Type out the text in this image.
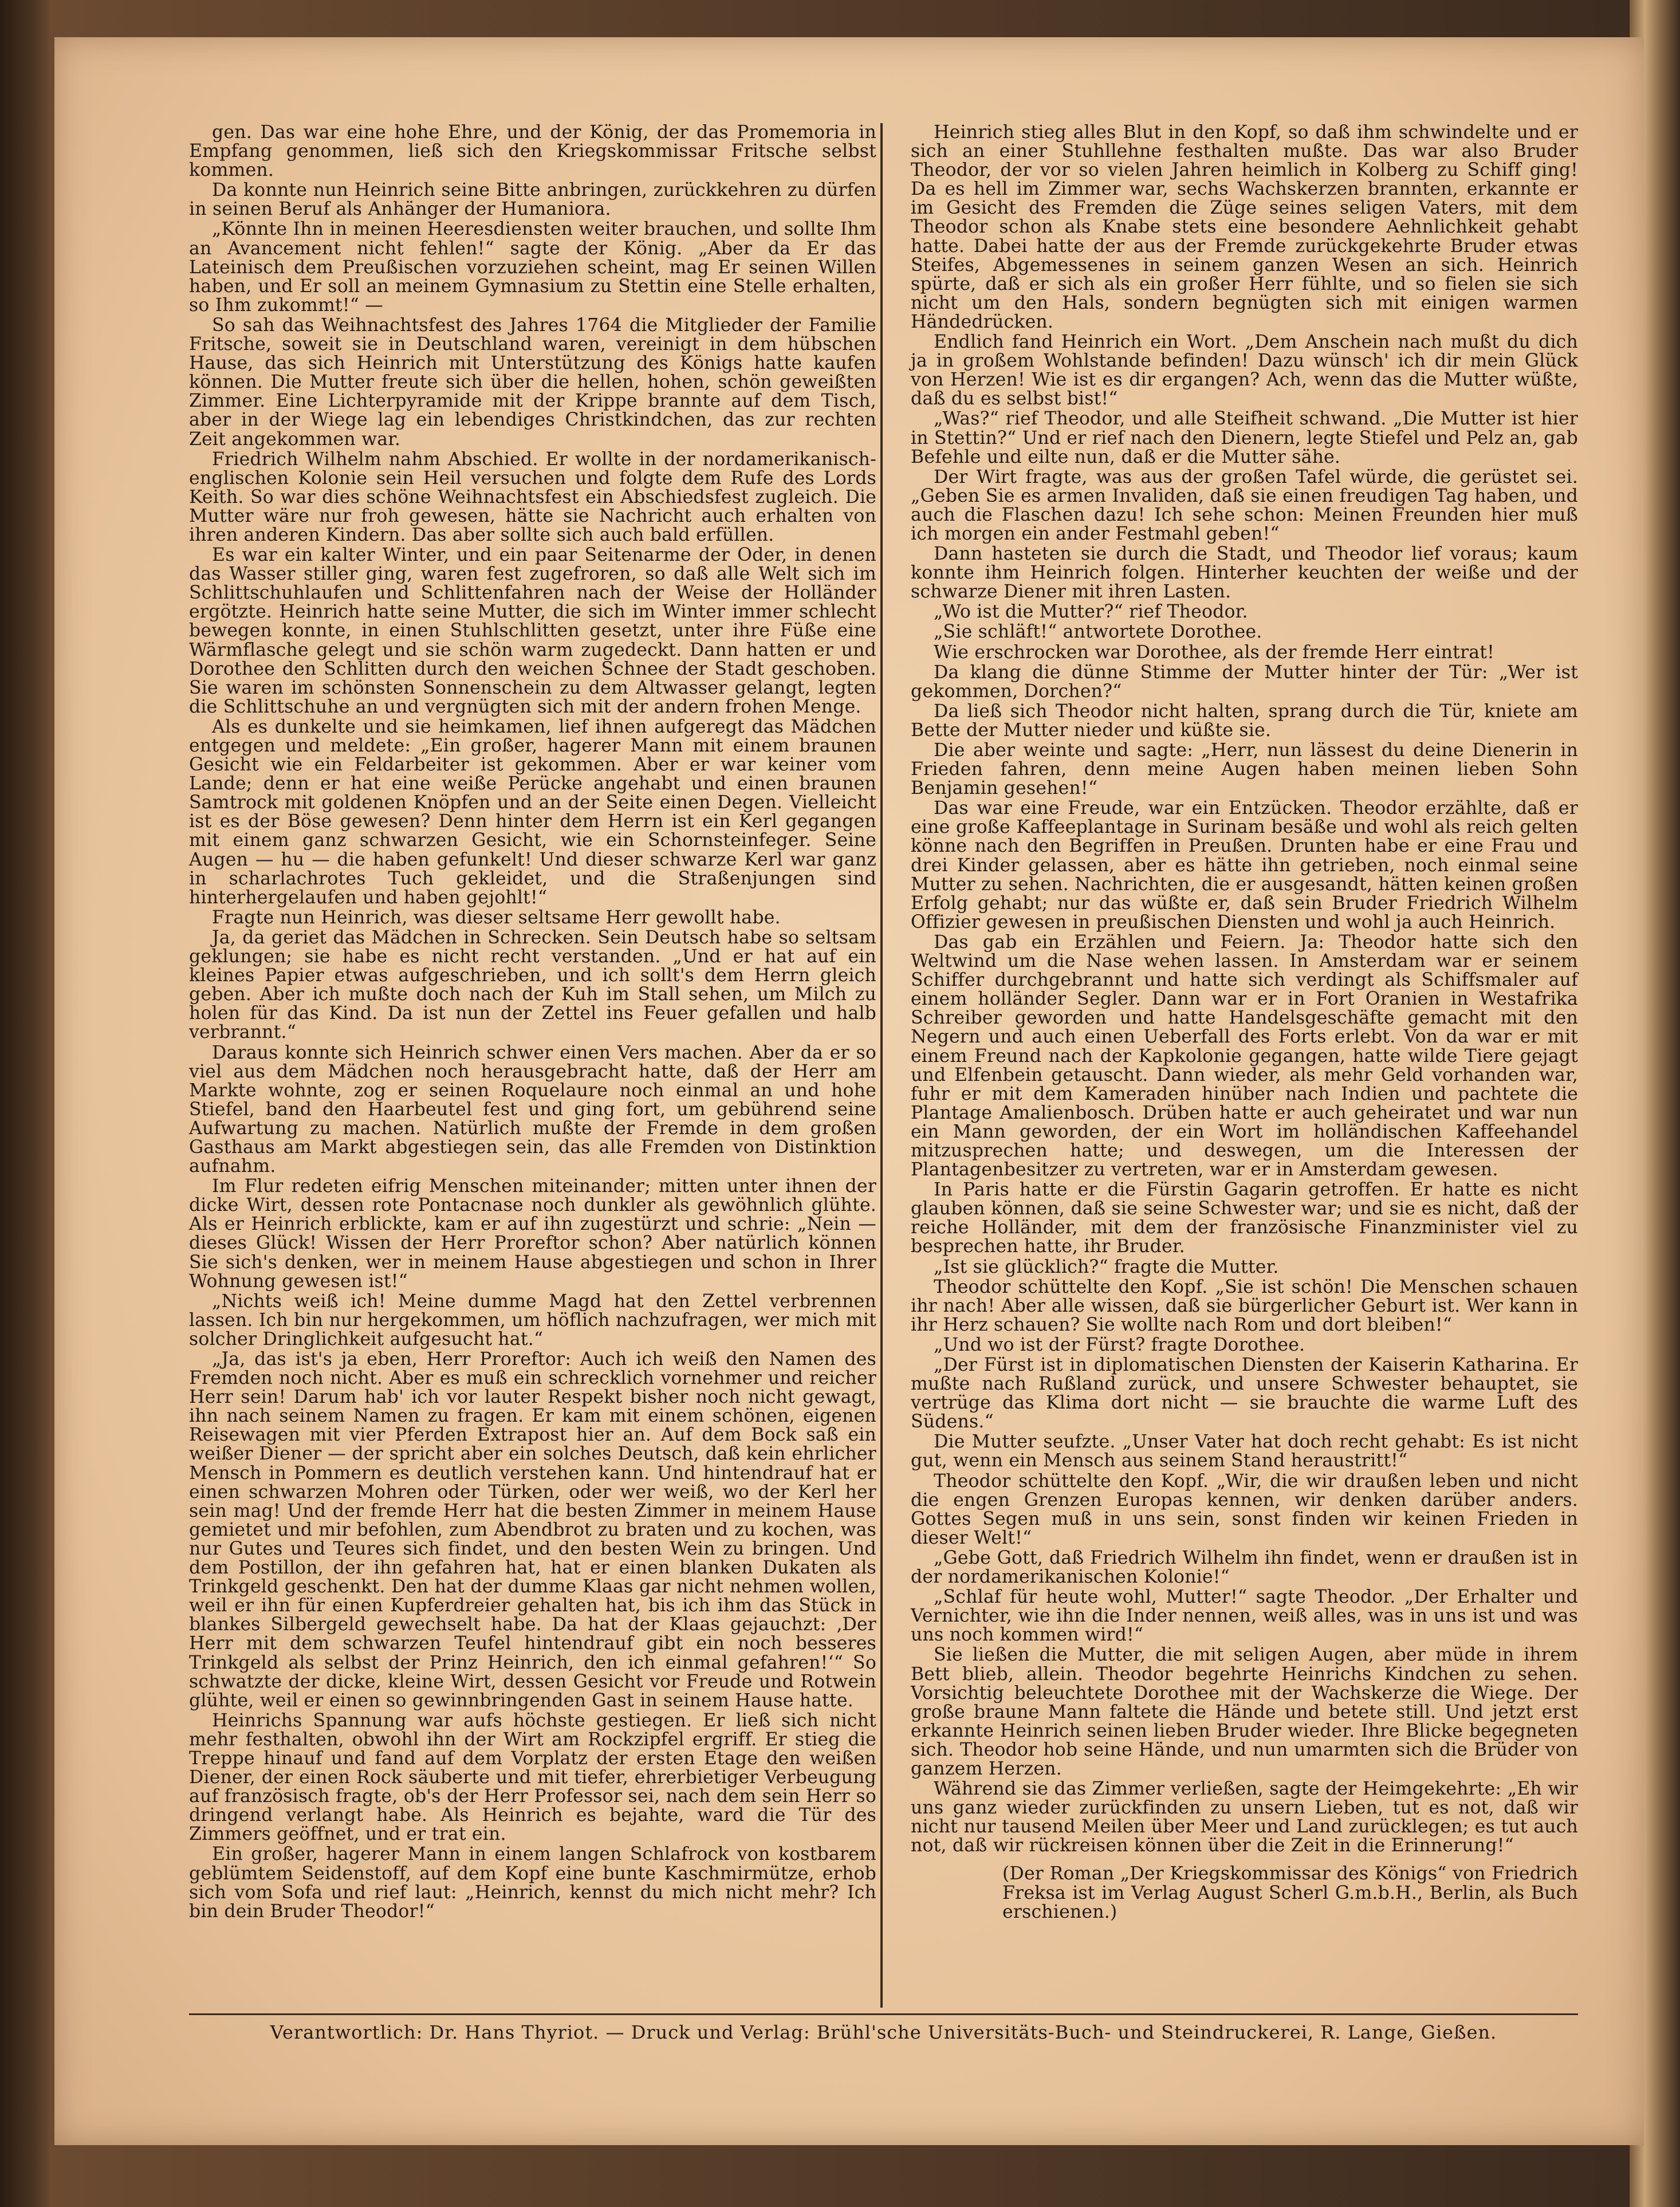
gen. Das war eine hohe Ehre, und der König, der das Promemoria in Empfang genommen, ließ sich den Kriegskommissar Fritsche selbst kommen.

Da konnte nun Heinrich seine Bitte anbringen, zurückkehren zu dürfen in seinen Beruf als Anhänger der Humaniora.

„Könnte Ihn in meinen Heeresdiensten weiter brauchen, und sollte Ihm an Avancement nicht fehlen!“ sagte der König. „Aber da Er das Lateinisch dem Preußischen vorzuziehen scheint, mag Er seinen Willen haben, und Er soll an meinem Gymnasium zu Stettin eine Stelle erhalten, so Ihm zukommt!“ —

So sah das Weihnachtsfest des Jahres 1764 die Mitglieder der Familie Fritsche, soweit sie in Deutschland waren, vereinigt in dem hübschen Hause, das sich Heinrich mit Unterstützung des Königs hatte kaufen können. Die Mutter freute sich über die hellen, hohen, schön geweißten Zimmer. Eine Lichterpyramide mit der Krippe brannte auf dem Tisch, aber in der Wiege lag ein lebendiges Christkindchen, das zur rechten Zeit angekommen war.

Friedrich Wilhelm nahm Abschied. Er wollte in der nordamerikanisch-englischen Kolonie sein Heil versuchen und folgte dem Rufe des Lords Keith. So war dies schöne Weihnachtsfest ein Abschiedsfest zugleich. Die Mutter wäre nur froh gewesen, hätte sie Nachricht auch erhalten von ihren anderen Kindern. Das aber sollte sich auch bald erfüllen.

Es war ein kalter Winter, und ein paar Seitenarme der Oder, in denen das Wasser stiller ging, waren fest zugefroren, so daß alle Welt sich im Schlittschuhlaufen und Schlittenfahren nach der Weise der Holländer ergötzte. Heinrich hatte seine Mutter, die sich im Winter immer schlecht bewegen konnte, in einen Stuhlschlitten gesetzt, unter ihre Füße eine Wärmflasche gelegt und sie schön warm zugedeckt. Dann hatten er und Dorothee den Schlitten durch den weichen Schnee der Stadt geschoben. Sie waren im schönsten Sonnenschein zu dem Altwasser gelangt, legten die Schlittschuhe an und vergnügten sich mit der andern frohen Menge.

Als es dunkelte und sie heimkamen, lief ihnen aufgeregt das Mädchen entgegen und meldete: „Ein großer, hagerer Mann mit einem braunen Gesicht wie ein Feldarbeiter ist gekommen. Aber er war keiner vom Lande; denn er hat eine weiße Perücke angehabt und einen braunen Samtrock mit goldenen Knöpfen und an der Seite einen Degen. Vielleicht ist es der Böse gewesen? Denn hinter dem Herrn ist ein Kerl gegangen mit einem ganz schwarzen Gesicht, wie ein Schornsteinfeger. Seine Augen — hu — die haben gefunkelt! Und dieser schwarze Kerl war ganz in scharlachrotes Tuch gekleidet, und die Straßenjungen sind hinterhergelaufen und haben gejohlt!“

Fragte nun Heinrich, was dieser seltsame Herr gewollt habe.

Ja, da geriet das Mädchen in Schrecken. Sein Deutsch habe so seltsam geklungen; sie habe es nicht recht verstanden. „Und er hat auf ein kleines Papier etwas aufgeschrieben, und ich sollt's dem Herrn gleich geben. Aber ich mußte doch nach der Kuh im Stall sehen, um Milch zu holen für das Kind. Da ist nun der Zettel ins Feuer gefallen und halb verbrannt.“

Daraus konnte sich Heinrich schwer einen Vers machen. Aber da er so viel aus dem Mädchen noch herausgebracht hatte, daß der Herr am Markte wohnte, zog er seinen Roquelaure noch einmal an und hohe Stiefel, band den Haarbeutel fest und ging fort, um gebührend seine Aufwartung zu machen. Natürlich mußte der Fremde in dem großen Gasthaus am Markt abgestiegen sein, das alle Fremden von Distinktion aufnahm.

Im Flur redeten eifrig Menschen miteinander; mitten unter ihnen der dicke Wirt, dessen rote Pontacnase noch dunkler als gewöhnlich glühte. Als er Heinrich erblickte, kam er auf ihn zugestürzt und schrie: „Nein — dieses Glück! Wissen der Herr Proreftor schon? Aber natürlich können Sie sich's denken, wer in meinem Hause abgestiegen und schon in Ihrer Wohnung gewesen ist!“

„Nichts weiß ich! Meine dumme Magd hat den Zettel verbrennen lassen. Ich bin nur hergekommen, um höflich nachzufragen, wer mich mit solcher Dringlichkeit aufgesucht hat.“

„Ja, das ist's ja eben, Herr Proreftor: Auch ich weiß den Namen des Fremden noch nicht. Aber es muß ein schrecklich vornehmer und reicher Herr sein! Darum hab' ich vor lauter Respekt bisher noch nicht gewagt, ihn nach seinem Namen zu fragen. Er kam mit einem schönen, eigenen Reisewagen mit vier Pferden Extrapost hier an. Auf dem Bock saß ein weißer Diener — der spricht aber ein solches Deutsch, daß kein ehrlicher Mensch in Pommern es deutlich verstehen kann. Und hintendrauf hat er einen schwarzen Mohren oder Türken, oder wer weiß, wo der Kerl her sein mag! Und der fremde Herr hat die besten Zimmer in meinem Hause gemietet und mir befohlen, zum Abendbrot zu braten und zu kochen, was nur Gutes und Teures sich findet, und den besten Wein zu bringen. Und dem Postillon, der ihn gefahren hat, hat er einen blanken Dukaten als Trinkgeld geschenkt. Den hat der dumme Klaas gar nicht nehmen wollen, weil er ihn für einen Kupferdreier gehalten hat, bis ich ihm das Stück in blankes Silbergeld gewechselt habe. Da hat der Klaas gejauchzt: ‚Der Herr mit dem schwarzen Teufel hintendrauf gibt ein noch besseres Trinkgeld als selbst der Prinz Heinrich, den ich einmal gefahren!‘“ So schwatzte der dicke, kleine Wirt, dessen Gesicht vor Freude und Rotwein glühte, weil er einen so gewinnbringenden Gast in seinem Hause hatte.

Heinrichs Spannung war aufs höchste gestiegen. Er ließ sich nicht mehr festhalten, obwohl ihn der Wirt am Rockzipfel ergriff. Er stieg die Treppe hinauf und fand auf dem Vorplatz der ersten Etage den weißen Diener, der einen Rock säuberte und mit tiefer, ehrerbietiger Verbeugung auf französisch fragte, ob's der Herr Professor sei, nach dem sein Herr so dringend verlangt habe. Als Heinrich es bejahte, ward die Tür des Zimmers geöffnet, und er trat ein.

Ein großer, hagerer Mann in einem langen Schlafrock von kostbarem geblümtem Seidenstoff, auf dem Kopf eine bunte Kaschmirmütze, erhob sich vom Sofa und rief laut: „Heinrich, kennst du mich nicht mehr? Ich bin dein Bruder Theodor!“

Heinrich stieg alles Blut in den Kopf, so daß ihm schwindelte und er sich an einer Stuhllehne festhalten mußte. Das war also Bruder Theodor, der vor so vielen Jahren heimlich in Kolberg zu Schiff ging! Da es hell im Zimmer war, sechs Wachskerzen brannten, erkannte er im Gesicht des Fremden die Züge seines seligen Vaters, mit dem Theodor schon als Knabe stets eine besondere Aehnlichkeit gehabt hatte. Dabei hatte der aus der Fremde zurückgekehrte Bruder etwas Steifes, Abgemessenes in seinem ganzen Wesen an sich. Heinrich spürte, daß er sich als ein großer Herr fühlte, und so fielen sie sich nicht um den Hals, sondern begnügten sich mit einigen warmen Händedrücken.

Endlich fand Heinrich ein Wort. „Dem Anschein nach mußt du dich ja in großem Wohlstande befinden! Dazu wünsch' ich dir mein Glück von Herzen! Wie ist es dir ergangen? Ach, wenn das die Mutter wüßte, daß du es selbst bist!“

„Was?“ rief Theodor, und alle Steifheit schwand. „Die Mutter ist hier in Stettin?“ Und er rief nach den Dienern, legte Stiefel und Pelz an, gab Befehle und eilte nun, daß er die Mutter sähe.

Der Wirt fragte, was aus der großen Tafel würde, die gerüstet sei. „Geben Sie es armen Invaliden, daß sie einen freudigen Tag haben, und auch die Flaschen dazu! Ich sehe schon: Meinen Freunden hier muß ich morgen ein ander Festmahl geben!“

Dann hasteten sie durch die Stadt, und Theodor lief voraus; kaum konnte ihm Heinrich folgen. Hinterher keuchten der weiße und der schwarze Diener mit ihren Lasten.

„Wo ist die Mutter?“ rief Theodor.

„Sie schläft!“ antwortete Dorothee.

Wie erschrocken war Dorothee, als der fremde Herr eintrat!

Da klang die dünne Stimme der Mutter hinter der Tür: „Wer ist gekommen, Dorchen?“

Da ließ sich Theodor nicht halten, sprang durch die Tür, kniete am Bette der Mutter nieder und küßte sie.

Die aber weinte und sagte: „Herr, nun lässest du deine Dienerin in Frieden fahren, denn meine Augen haben meinen lieben Sohn Benjamin gesehen!“

Das war eine Freude, war ein Entzücken. Theodor erzählte, daß er eine große Kaffeeplantage in Surinam besäße und wohl als reich gelten könne nach den Begriffen in Preußen. Drunten habe er eine Frau und drei Kinder gelassen, aber es hätte ihn getrieben, noch einmal seine Mutter zu sehen. Nachrichten, die er ausgesandt, hätten keinen großen Erfolg gehabt; nur das wüßte er, daß sein Bruder Friedrich Wilhelm Offizier gewesen in preußischen Diensten und wohl ja auch Heinrich.

Das gab ein Erzählen und Feiern. Ja: Theodor hatte sich den Weltwind um die Nase wehen lassen. In Amsterdam war er seinem Schiffer durchgebrannt und hatte sich verdingt als Schiffsmaler auf einem holländer Segler. Dann war er in Fort Oranien in Westafrika Schreiber geworden und hatte Handelsgeschäfte gemacht mit den Negern und auch einen Ueberfall des Forts erlebt. Von da war er mit einem Freund nach der Kapkolonie gegangen, hatte wilde Tiere gejagt und Elfenbein getauscht. Dann wieder, als mehr Geld vorhanden war, fuhr er mit dem Kameraden hinüber nach Indien und pachtete die Plantage Amalienbosch. Drüben hatte er auch geheiratet und war nun ein Mann geworden, der ein Wort im holländischen Kaffeehandel mitzusprechen hatte; und deswegen, um die Interessen der Plantagenbesitzer zu vertreten, war er in Amsterdam gewesen.

In Paris hatte er die Fürstin Gagarin getroffen. Er hatte es nicht glauben können, daß sie seine Schwester war; und sie es nicht, daß der reiche Holländer, mit dem der französische Finanzminister viel zu besprechen hatte, ihr Bruder.

„Ist sie glücklich?“ fragte die Mutter.

Theodor schüttelte den Kopf. „Sie ist schön! Die Menschen schauen ihr nach! Aber alle wissen, daß sie bürgerlicher Geburt ist. Wer kann in ihr Herz schauen? Sie wollte nach Rom und dort bleiben!“

„Und wo ist der Fürst? fragte Dorothee.

„Der Fürst ist in diplomatischen Diensten der Kaiserin Katharina. Er mußte nach Rußland zurück, und unsere Schwester behauptet, sie vertrüge das Klima dort nicht — sie brauchte die warme Luft des Südens.“

Die Mutter seufzte. „Unser Vater hat doch recht gehabt: Es ist nicht gut, wenn ein Mensch aus seinem Stand heraustritt!“

Theodor schüttelte den Kopf. „Wir, die wir draußen leben und nicht die engen Grenzen Europas kennen, wir denken darüber anders. Gottes Segen muß in uns sein, sonst finden wir keinen Frieden in dieser Welt!“

„Gebe Gott, daß Friedrich Wilhelm ihn findet, wenn er draußen ist in der nordamerikanischen Kolonie!“

„Schlaf für heute wohl, Mutter!“ sagte Theodor. „Der Erhalter und Vernichter, wie ihn die Inder nennen, weiß alles, was in uns ist und was uns noch kommen wird!“

Sie ließen die Mutter, die mit seligen Augen, aber müde in ihrem Bett blieb, allein. Theodor begehrte Heinrichs Kindchen zu sehen. Vorsichtig beleuchtete Dorothee mit der Wachskerze die Wiege. Der große braune Mann faltete die Hände und betete still. Und jetzt erst erkannte Heinrich seinen lieben Bruder wieder. Ihre Blicke begegneten sich. Theodor hob seine Hände, und nun umarmten sich die Brüder von ganzem Herzen.

Während sie das Zimmer verließen, sagte der Heimgekehrte: „Eh wir uns ganz wieder zurückfinden zu unsern Lieben, tut es not, daß wir nicht nur tausend Meilen über Meer und Land zurücklegen; es tut auch not, daß wir rückreisen können über die Zeit in die Erinnerung!“

(Der Roman „Der Kriegskommissar des Königs“ von Friedrich Freksa ist im Verlag August Scherl G.m.b.H., Berlin, als Buch erschienen.)

Verantwortlich: Dr. Hans Thyriot. — Druck und Verlag: Brühl'sche Universitäts-Buch- und Steindruckerei, R. Lange, Gießen.
